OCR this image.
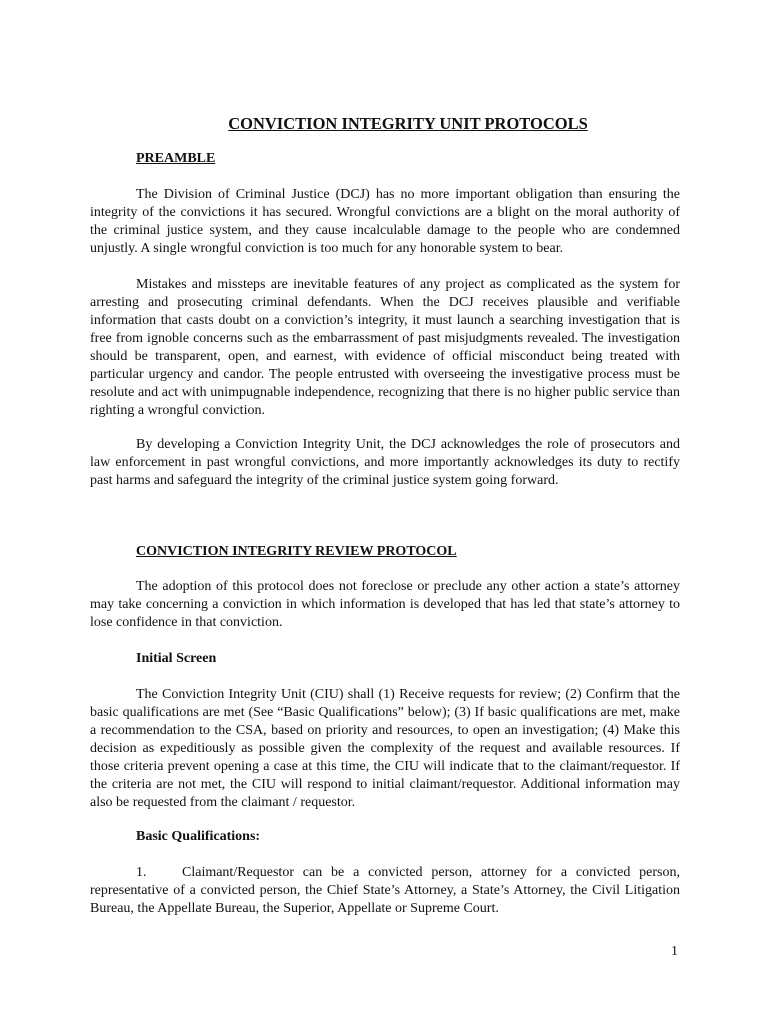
CONVICTION INTEGRITY UNIT PROTOCOLS
PREAMBLE

The Division of Criminal Justice (DCJ) has no more important obligation than ensuring the integrity of the convictions it has secured. Wrongful convictions are a blight on the moral authority of the criminal justice system, and they cause incalculable damage to the people who are condemned unjustly. A single wrongful conviction is too much for any honorable system to bear.

Mistakes and missteps are inevitable features of any project as complicated as the system for arresting and prosecuting criminal defendants. When the DCJ receives plausible and verifiable information that casts doubt on a conviction’s integrity, it must launch a searching investigation that is free from ignoble concerns such as the embarrassment of past misjudgments revealed. The investigation should be transparent, open, and earnest, with evidence of official misconduct being treated with particular urgency and candor. The people entrusted with overseeing the investigative process must be resolute and act with unimpugnable independence, recognizing that there is no higher public service than righting a wrongful conviction.

By developing a Conviction Integrity Unit, the DCJ acknowledges the role of prosecutors and law enforcement in past wrongful convictions, and more importantly acknowledges its duty to rectify past harms and safeguard the integrity of the criminal justice system going forward.

CONVICTION INTEGRITY REVIEW PROTOCOL

The adoption of this protocol does not foreclose or preclude any other action a state’s attorney may take concerning a conviction in which information is developed that has led that state’s attorney to lose confidence in that conviction.

Initial Screen

The Conviction Integrity Unit (CIU) shall (1) Receive requests for review; (2) Confirm that the basic qualifications are met (See “Basic Qualifications” below); (3) If basic qualifications are met, make a recommendation to the CSA, based on priority and resources, to open an investigation; (4) Make this decision as expeditiously as possible given the complexity of the request and available resources. If those criteria prevent opening a case at this time, the CIU will indicate that to the claimant/requestor. If the criteria are not met, the CIU will respond to initial claimant/requestor. Additional information may also be requested from the claimant / requestor.

Basic Qualifications:

1.	Claimant/Requestor can be a convicted person, attorney for a convicted person, representative of a convicted person, the Chief State’s Attorney, a State’s Attorney, the Civil Litigation Bureau, the Appellate Bureau, the Superior, Appellate or Supreme Court.

1
